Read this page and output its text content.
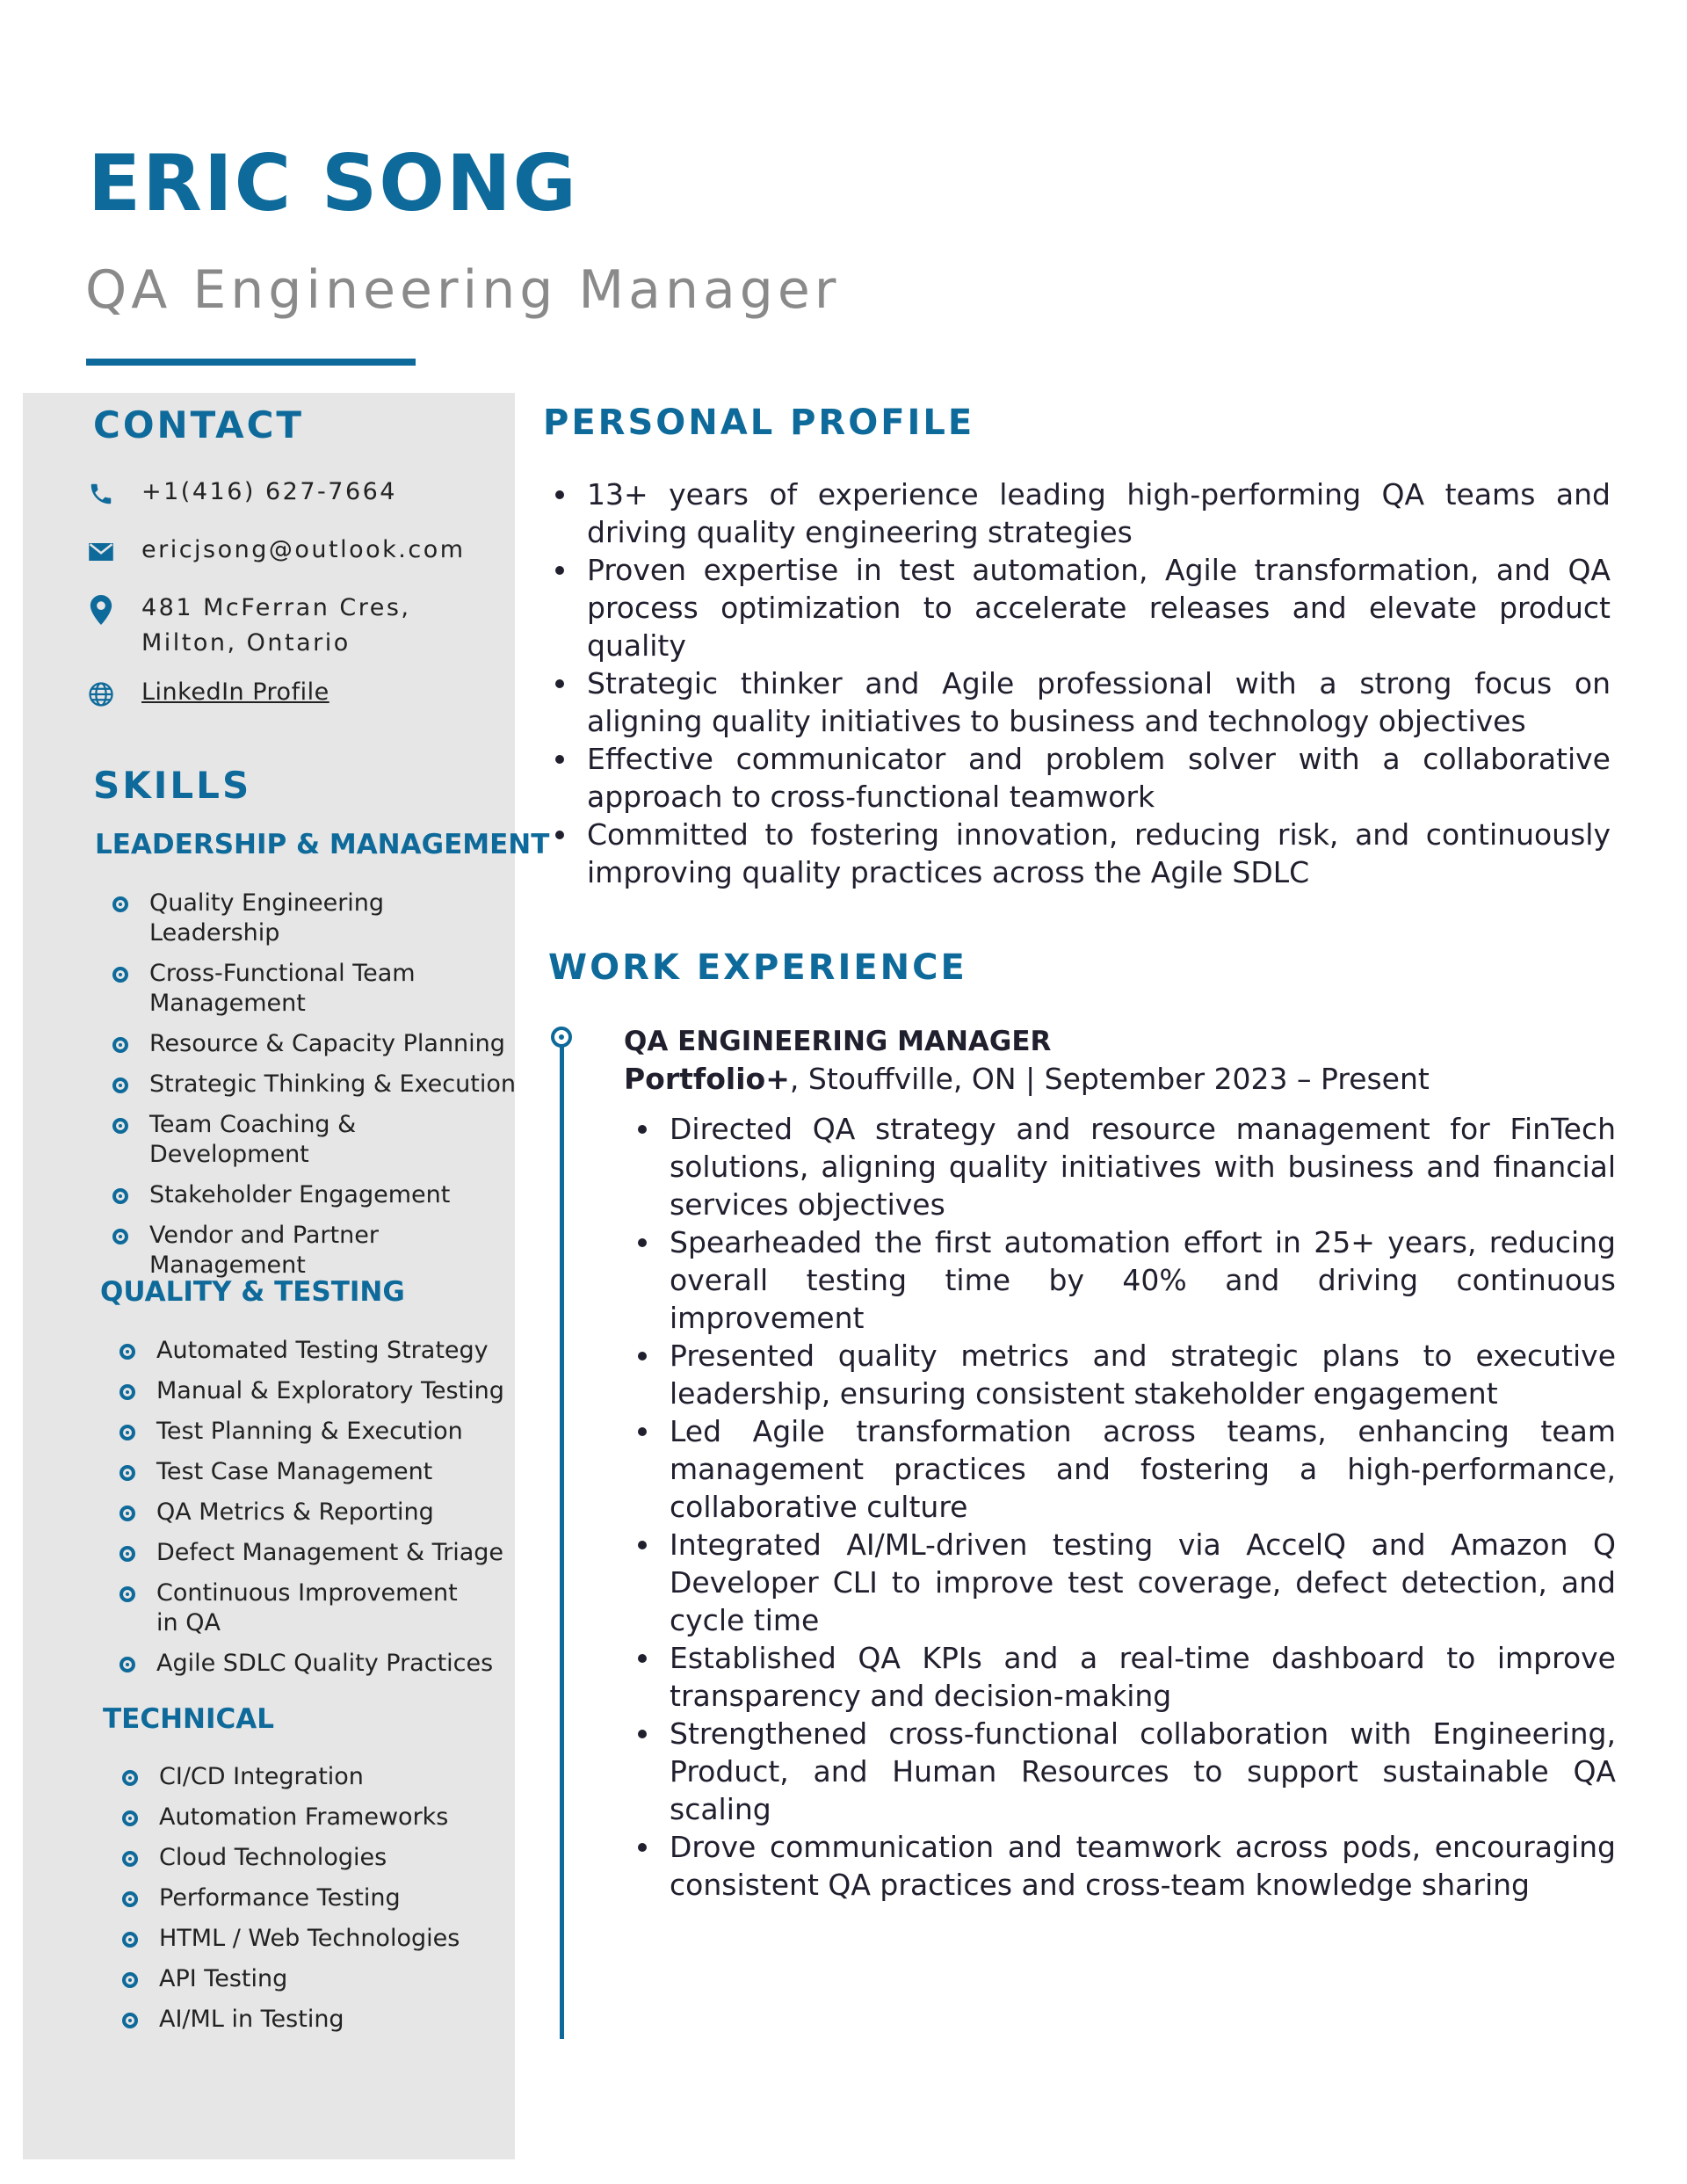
ERIC SONG
QA Engineering Manager
CONTACT
+1(416) 627-7664
ericjsong@outlook.com
481 McFerran Cres, Milton, Ontario
LinkedIn Profile
SKILLS
LEADERSHIP & MANAGEMENT
Quality Engineering Leadership
Cross-Functional Team Management
Resource & Capacity Planning
Strategic Thinking & Execution
Team Coaching & Development
Stakeholder Engagement
Vendor and Partner Management
QUALITY & TESTING
Automated Testing Strategy
Manual & Exploratory Testing
Test Planning & Execution
Test Case Management
QA Metrics & Reporting
Defect Management & Triage
Continuous Improvement in QA
Agile SDLC Quality Practices
TECHNICAL
CI/CD Integration
Automation Frameworks
Cloud Technologies
Performance Testing
HTML / Web Technologies
API Testing
AI/ML in Testing
PERSONAL PROFILE
13+ years of experience leading high-performing QA teams and driving quality engineering strategies
Proven expertise in test automation, Agile transformation, and QA process optimization to accelerate releases and elevate product quality
Strategic thinker and Agile professional with a strong focus on aligning quality initiatives to business and technology objectives
Effective communicator and problem solver with a collaborative approach to cross-functional teamwork
Committed to fostering innovation, reducing risk, and continuously improving quality practices across the Agile SDLC
WORK EXPERIENCE
QA ENGINEERING MANAGER
Portfolio+, Stouffville, ON | September 2023 – Present
Directed QA strategy and resource management for FinTech solutions, aligning quality initiatives with business and financial services objectives
Spearheaded the first automation effort in 25+ years, reducing overall testing time by 40% and driving continuous improvement
Presented quality metrics and strategic plans to executive leadership, ensuring consistent stakeholder engagement
Led Agile transformation across teams, enhancing team management practices and fostering a high-performance, collaborative culture
Integrated AI/ML-driven testing via AccelQ and Amazon Q Developer CLI to improve test coverage, defect detection, and cycle time
Established QA KPIs and a real-time dashboard to improve transparency and decision-making
Strengthened cross-functional collaboration with Engineering, Product, and Human Resources to support sustainable QA scaling
Drove communication and teamwork across pods, encouraging consistent QA practices and cross-team knowledge sharing
